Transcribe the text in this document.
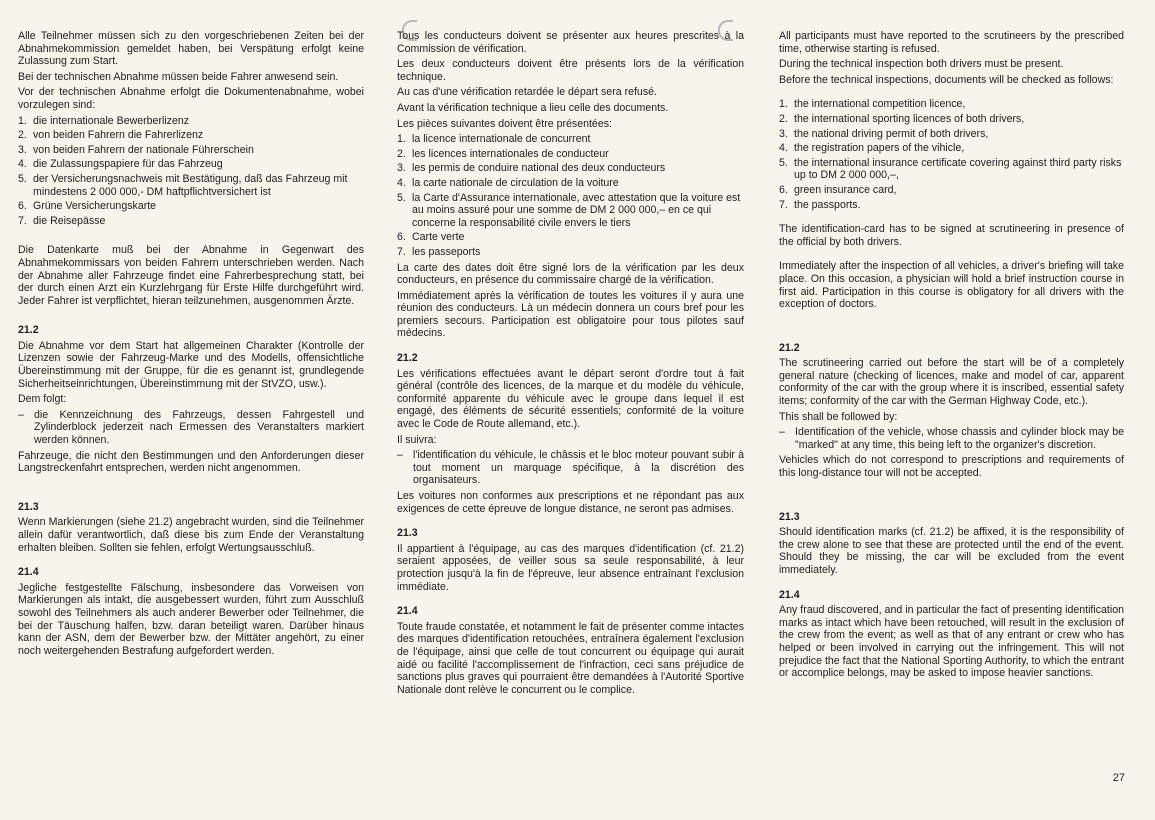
Alle Teilnehmer müssen sich zu den vorgeschriebenen Zeiten bei der Abnahmekommission gemeldet haben, bei Verspätung erfolgt keine Zulassung zum Start.

Bei der technischen Abnahme müssen beide Fahrer anwesend sein.

Vor der technischen Abnahme erfolgt die Dokumentenabnahme, wobei vorzulegen sind:

1. die internationale Bewerberlizenz
2. von beiden Fahrern die Fahrerlizenz
3. von beiden Fahrern der nationale Führerschein
4. die Zulassungspapiere für das Fahrzeug
5. der Versicherungsnachweis mit Bestätigung, daß das Fahrzeug mit mindestens 2 000 000,- DM haftpflichtversichert ist
6. Grüne Versicherungskarte
7. die Reisepässe

Die Datenkarte muß bei der Abnahme in Gegenwart des Abnahmekommissars von beiden Fahrern unterschrieben werden. Nach der Abnahme aller Fahrzeuge findet eine Fahrerbesprechung statt, bei der durch einen Arzt ein Kurzlehrgang für Erste Hilfe durchgeführt wird. Jeder Fahrer ist verpflichtet, hieran teilzunehmen, ausgenommen Ärzte.

21.2

Die Abnahme vor dem Start hat allgemeinen Charakter (Kontrolle der Lizenzen sowie der Fahrzeug-Marke und des Modells, offensichtliche Übereinstimmung mit der Gruppe, für die es genannt ist, grundlegende Sicherheitseinrichtungen, Übereinstimmung mit der StVZO, usw.).

Dem folgt:

– die Kennzeichnung des Fahrzeugs, dessen Fahrgestell und Zylinderblock jederzeit nach Ermessen des Veranstalters markiert werden können.

Fahrzeuge, die nicht den Bestimmungen und den Anforderungen dieser Langstreckenfahrt entsprechen, werden nicht angenommen.

21.3

Wenn Markierungen (siehe 21.2) angebracht wurden, sind die Teilnehmer allein dafür verantwortlich, daß diese bis zum Ende der Veranstaltung erhalten bleiben. Sollten sie fehlen, erfolgt Wertungsausschluß.

21.4

Jegliche festgestellte Fälschung, insbesondere das Vorweisen von Markierungen als intakt, die ausgebessert wurden, führt zum Ausschluß sowohl des Teilnehmers als auch anderer Bewerber oder Teilnehmer, die bei der Täuschung halfen, bzw. daran beteiligt waren. Darüber hinaus kann der ASN, dem der Bewerber bzw. der Mittäter angehört, zu einer noch weitergehenden Bestrafung aufgefordert werden.

Tous les conducteurs doivent se présenter aux heures prescrites à la Commission de vérification.

Les deux conducteurs doivent être présents lors de la vérification technique.

Au cas d'une vérification retardée le départ sera refusé.

Avant la vérification technique a lieu celle des documents.

Les pièces suivantes doivent être présentées:

1. la licence internationale de concurrent
2. les licences internationales de conducteur
3. les permis de conduire national des deux conducteurs
4. la carte nationale de circulation de la voiture
5. la Carte d'Assurance internationale, avec attestation que la voiture est au moins assuré pour une somme de DM 2 000 000,– en ce qui concerne la responsabilité civile envers le tiers
6. Carte verte
7. les passeports

La carte des dates doit être signé lors de la vérification par les deux conducteurs, en présence du commissaire chargé de la vérification.

Immédiatement après la vérification de toutes les voitures il y aura une réunion des conducteurs. Là un médecin donnera un cours bref pour les premiers secours. Participation est obligatoire pour tous pilotes sauf médecins.

21.2

Les vérifications effectuées avant le départ seront d'ordre tout à fait général (contrôle des licences, de la marque et du modèle du véhicule, conformité apparente du véhicule avec le groupe dans lequel il est engagé, des éléments de sécurité essentiels; conformité de la voiture avec le Code de Route allemand, etc.).

Il suivra:

– l'identification du véhicule, le châssis et le bloc moteur pouvant subir à tout moment un marquage spécifique, à la discrétion des organisateurs.

Les voitures non conformes aux prescriptions et ne répondant pas aux exigences de cette épreuve de longue distance, ne seront pas admises.

21.3

Il appartient à l'équipage, au cas des marques d'identification (cf. 21.2) seraient apposées, de veiller sous sa seule responsabilité, à leur protection jusqu'à la fin de l'épreuve, leur absence entraînant l'exclusion immédiate.

21.4

Toute fraude constatée, et notamment le fait de présenter comme intactes des marques d'identification retouchées, entraînera également l'exclusion de l'équipage, ainsi que celle de tout concurrent ou équipage qui aurait aidé ou facilité l'accomplissement de l'infraction, ceci sans préjudice de sanctions plus graves qui pourraient être demandées à l'Autorité Sportive Nationale dont relève le concurrent ou le complice.

All participants must have reported to the scrutineers by the prescribed time, otherwise starting is refused.

During the technical inspection both drivers must be present.

Before the technical inspections, documents will be checked as follows:

1. the international competition licence,
2. the international sporting licences of both drivers,
3. the national driving permit of both drivers,
4. the registration papers of the vihicle,
5. the international insurance certificate covering against third party risks up to DM 2 000 000,–,
6. green insurance card,
7. the passports.

The identification-card has to be signed at scrutineering in presence of the official by both drivers.

Immediately after the inspection of all vehicles, a driver's briefing will take place. On this occasion, a physician will hold a brief instruction course in first aid. Participation in this course is obligatory for all drivers with the exception of doctors.

21.2

The scrutineering carried out before the start will be of a completely general nature (checking of licences, make and model of car, apparent conformity of the car with the group where it is inscribed, essential safety items; conformity of the car with the German Highway Code, etc.).

This shall be followed by:

– Identification of the vehicle, whose chassis and cylinder block may be "marked" at any time, this being left to the organizer's discretion.

Vehicles which do not correspond to prescriptions and requirements of this long-distance tour will not be accepted.

21.3

Should identification marks (cf. 21.2) be affixed, it is the responsibility of the crew alone to see that these are protected until the end of the event. Should they be missing, the car will be excluded from the event immediately.

21.4

Any fraud discovered, and in particular the fact of presenting identification marks as intact which have been retouched, will result in the exclusion of the crew from the event; as well as that of any entrant or crew who has helped or been involved in carrying out the infringement. This will not prejudice the fact that the National Sporting Authority, to which the entrant or accomplice belongs, may be asked to impose heavier sanctions.

27
